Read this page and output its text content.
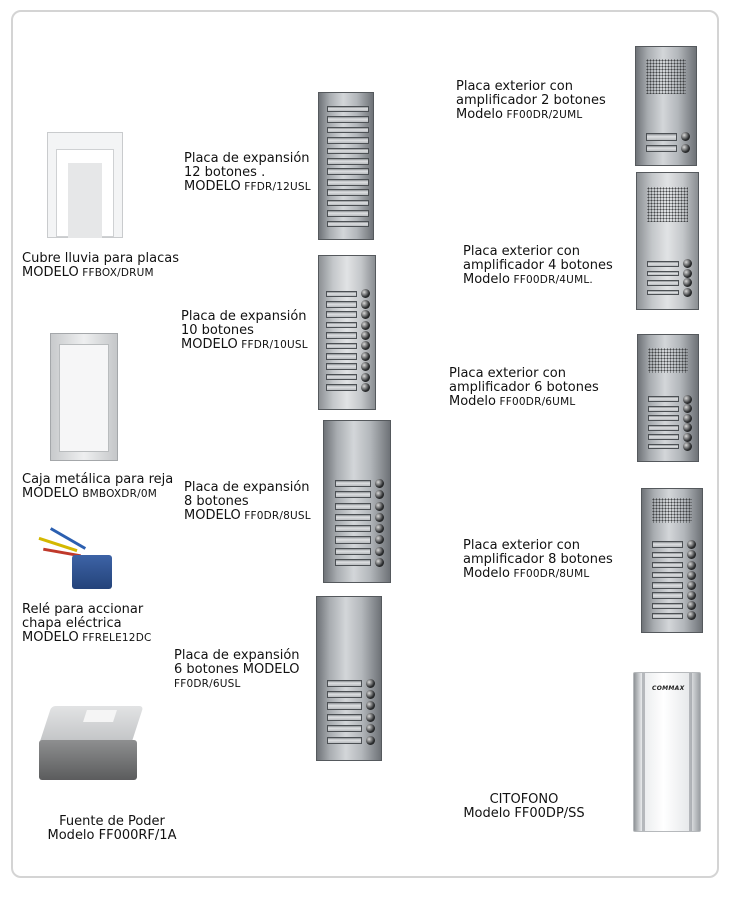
COMMAX
Cubre lluvia para placas
MODELO FFBOX/DRUM
Caja metálica para reja
MODELO BMBOXDR/0M
Relé para accionar
chapa eléctrica
MODELO FFRELE12DC
Fuente de Poder
Modelo FF000RF/1A
Placa de expansión
12 botones .
MODELO FFDR/12USL
Placa de expansión
10 botones
MODELO FFDR/10USL
Placa de expansión
8 botones
MODELO FF0DR/8USL
Placa de expansión
6 botones MODELO
FF0DR/6USL
Placa exterior con
amplificador 2 botones
Modelo FF00DR/2UML
Placa exterior con
amplificador 4 botones
Modelo FF00DR/4UML.
Placa exterior con
amplificador 6 botones
Modelo FF00DR/6UML
Placa exterior con
amplificador 8 botones
Modelo FF00DR/8UML
CITOFONO
Modelo FF00DP/SS
